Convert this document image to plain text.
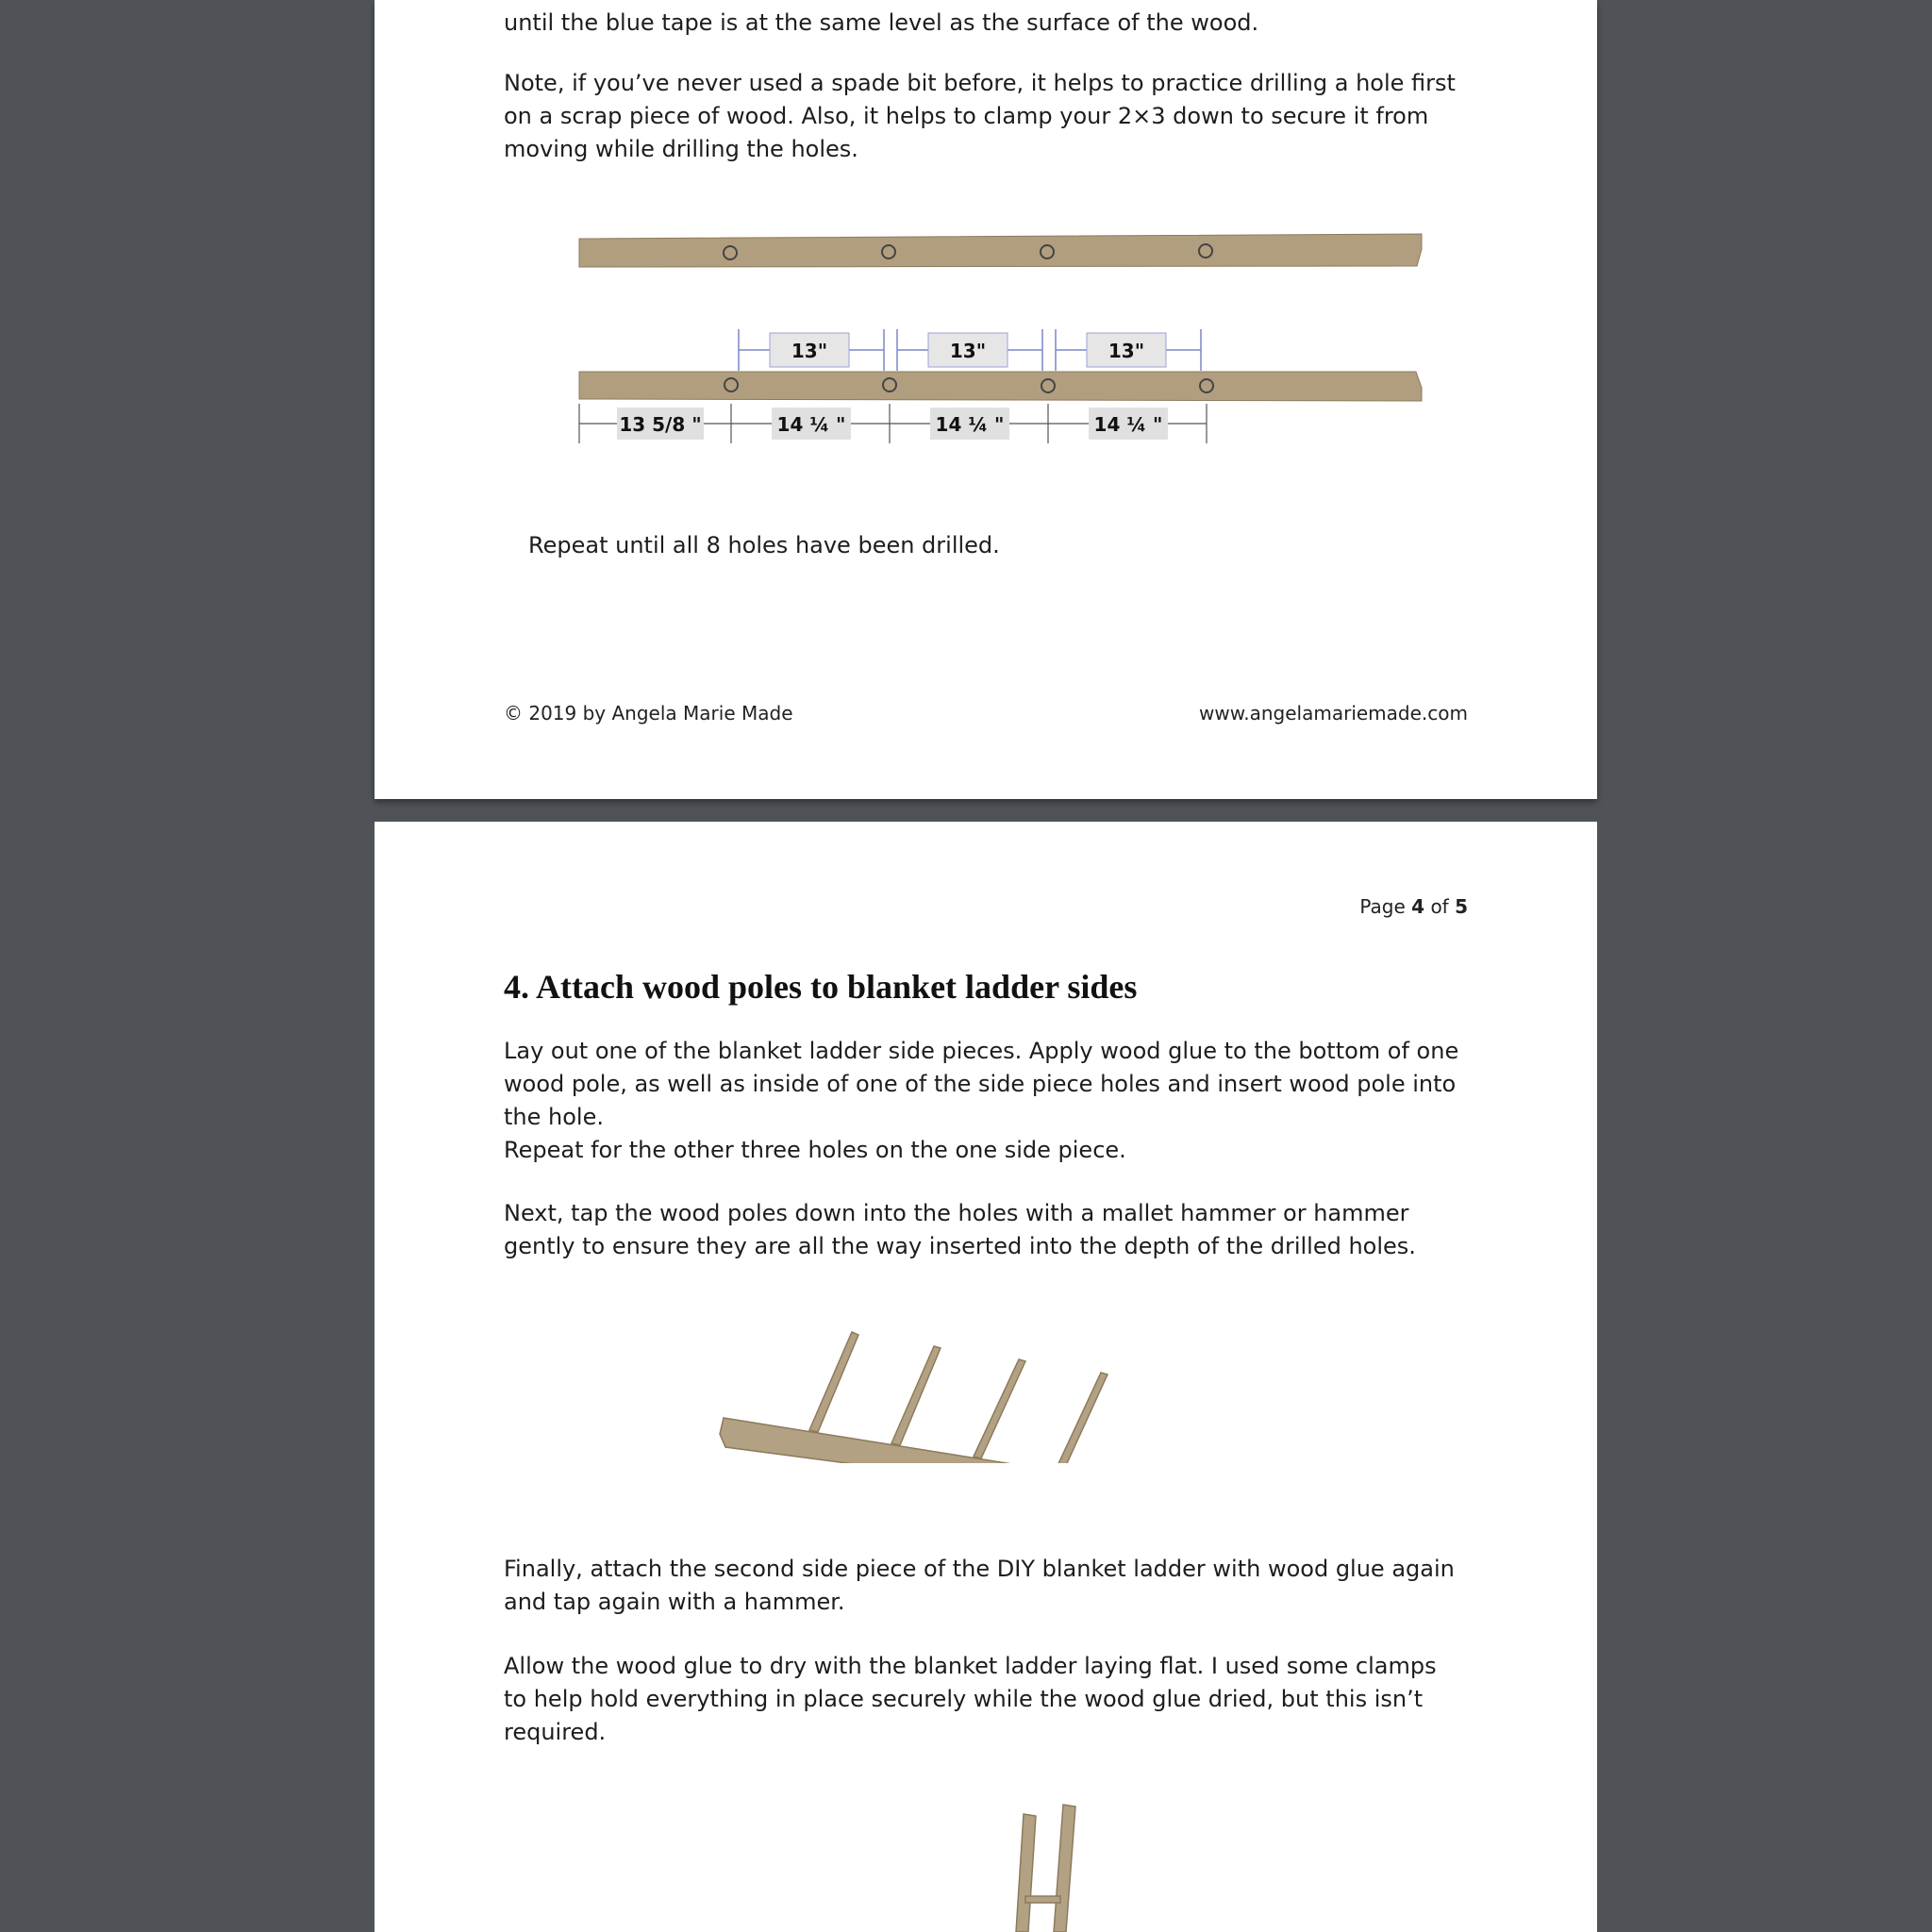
until the blue tape is at the same level as the surface of the wood.

Note, if you’ve never used a spade bit before, it helps to practice drilling a hole first on a scrap piece of wood. Also, it helps to clamp your 2×3 down to secure it from moving while drilling the holes.

13"	13"	13"
13 5/8 "	14 ¼ "	14 ¼ "	14 ¼ "

Repeat until all 8 holes have been drilled.

© 2019 by Angela Marie Made	www.angelamariemade.com
Page 4 of 5
4. Attach wood poles to blanket ladder sides

Lay out one of the blanket ladder side pieces. Apply wood glue to the bottom of one wood pole, as well as inside of one of the side piece holes and insert wood pole into the hole.

Repeat for the other three holes on the one side piece.

Next, tap the wood poles down into the holes with a mallet hammer or hammer gently to ensure they are all the way inserted into the depth of the drilled holes.

Finally, attach the second side piece of the DIY blanket ladder with wood glue again and tap again with a hammer.

Allow the wood glue to dry with the blanket ladder laying flat. I used some clamps to help hold everything in place securely while the wood glue dried, but this isn’t required.
